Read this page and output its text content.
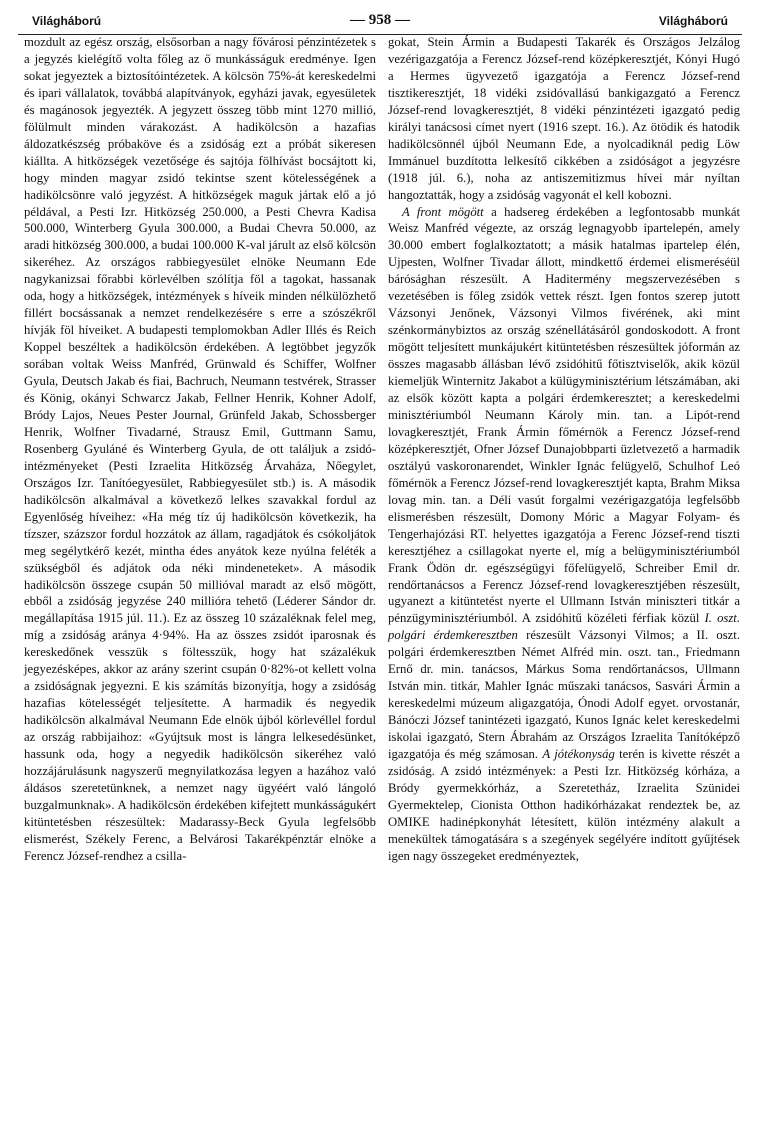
Világháború	— 958 —	Világháború

mozdult az egész ország, elsősorban a nagy fővárosi pénzintézetek s a jegyzés kielégítő volta főleg az ő munkásságuk eredménye. Igen sokat jegyeztek a biztosítóintézetek. A kölcsön 75%-át kereskedelmi és ipari vállalatok, továbbá alapítványok, egyházi javak, egyesületek és magánosok jegyezték. A jegyzett összeg több mint 1270 millió, fölülmult minden várakozást. A hadikölcsön a hazafias áldozatkészség próbaköve és a zsidóság ezt a próbát sikeresen kiállta. A hitközségek vezetősége és sajtója fölhívást bocsájtott ki, hogy minden magyar zsidó tekintse szent kötelességének a hadikölcsönre való jegyzést. A hitközségek maguk jártak elő a jó példával, a Pesti Izr. Hitközség 250.000, a Pesti Chevra Kadisa 500.000, Winterberg Gyula 300.000, a Budai Chevra 50.000, az aradi hitközség 300.000, a budai 100.000 K-val járult az első kölcsön sikeréhez. Az országos rabbiegyesület elnöke Neumann Ede nagykanizsai főrabbi körlevélben szólítja föl a tagokat, hassanak oda, hogy a hitközségek, intézmények s híveik minden nélkülözhető fillért bocsássanak a nemzet rendelkezésére s erre a szószékről hívják föl híveiket. A budapesti templomokban Adler Illés és Reich Koppel beszéltek a hadikölcsön érdekében. A legtöbbet jegyzők sorában voltak Weiss Manfréd, Grünwald és Schiffer, Wolfner Gyula, Deutsch Jakab és fiai, Bachruch, Neumann testvérek, Strasser és König, okányi Schwarcz Jakab, Fellner Henrik, Kohner Adolf, Bródy Lajos, Neues Pester Journal, Grünfeld Jakab, Schossberger Henrik, Wolfner Tivadarné, Strausz Emil, Guttmann Samu, Rosenberg Gyuláné és Winterberg Gyula, de ott találjuk a zsidó-intézményeket (Pesti Izraelita Hitközség Árvaháza, Nőegylet, Országos Izr. Tanítóegyesület, Rabbiegyesület stb.) is. A második hadikölcsön alkalmával a következő lelkes szavakkal fordul az Egyenlőség híveihez: «Ha még tíz új hadikölcsön következik, ha tízszer, százszor fordul hozzátok az állam, ragadjátok és csókoljátok meg segélytkérő kezét, mintha édes anyátok keze nyúlna feléték a szükségből és adjátok oda néki mindeneteket». A második hadikölcsön összege csupán 50 millióval maradt az első mögött, ebből a zsidóság jegyzése 240 millióra tehető (Léderer Sándor dr. megállapítása 1915 júl. 11.). Ez az összeg 10 százaléknak felel meg, míg a zsidóság aránya 4·94%. Ha az összes zsidót iparosnak és kereskedőnek vesszük s föltesszük, hogy hat százalékuk jegyezésképes, akkor az arány szerint csupán 0·82%-ot kellett volna a zsidóságnak jegyezni. E kis számítás bizonyítja, hogy a zsidóság hazafias kötelességét teljesítette. A harmadik és negyedik hadikölcsön alkalmával Neumann Ede elnök újból körlevéllel fordul az ország rabbijaihoz: «Gyújtsuk most is lángra lelkesedésünket, hassunk oda, hogy a negyedik hadikölcsön sikeréhez való hozzájárulásunk nagyszerű megnyilatkozása legyen a hazához való áldásos szeretetünknek, a nemzet nagy ügyéért való lángoló buzgalmunknak». A hadikölcsön érdekében kifejtett munkásságukért kitüntetésben részesültek: Madarassy-Beck Gyula legfelsőbb elismerést, Székely Ferenc, a Belvárosi Takarékpénztár elnöke a Ferencz József-rendhez a csilla-

gokat, Stein Ármin a Budapesti Takarék és Országos Jelzálog vezérigazgatója a Ferencz József-rend középkeresztjét, Kónyi Hugó a Hermes ügyvezető igazgatója a Ferencz József-rend tisztikeresztjét, 18 vidéki zsidóvallású bankigazgató a Ferencz József-rend lovagkeresztjét, 8 vidéki pénzintézeti igazgató pedig királyi tanácsosi címet nyert (1916 szept. 16.). Az ötödik és hatodik hadikölcsönnél újból Neumann Ede, a nyolcadiknál pedig Löw Immánuel buzdította lelkesítő cikkében a zsidóságot a jegyzésre (1918 júl. 6.), noha az antiszemitizmus hívei már nyíltan hangoztatták, hogy a zsidóság vagyonát el kell kobozni.

A front mögött a hadsereg érdekében a legfontosabb munkát Weisz Manfréd végezte, az ország legnagyobb ipartelepén, amely 30.000 embert foglalkoztatott; a másik hatalmas ipartelep élén, Ujpesten, Wolfner Tivadar állott, mindkettő érdemei elismeréséül bárósághan részesült. A Haditermény megszervezésében s vezetésében is főleg zsidók vettek részt. Igen fontos szerep jutott Vázsonyi Jenőnek, Vázsonyi Vilmos fivérének, aki mint szénkormánybiztos az ország szénellátásáról gondoskodott. A front mögött teljesített munkájukért kitüntetésben részesültek jóformán az összes magasabb állásban lévő zsidóhitű főtisztviselők, akik közül kiemeljük Winternitz Jakabot a külügyminisztérium létszámában, aki az elsők között kapta a polgári érdemkeresztet; a kereskedelmi minisztériumból Neumann Károly min. tan. a Lipót-rend lovagkeresztjét, Frank Ármin főmérnök a Ferencz József-rend középkeresztjét, Ofner József Dunajobbparti üzletvezető a harmadik osztályú vaskoronarendet, Winkler Ignác felügyelő, Schulhof Leó főmérnök a Ferencz József-rend lovagkeresztjét kapta, Brahm Miksa lovag min. tan. a Déli vasút forgalmi vezérigazgatója legfelsőbb elismerésben részesült, Domony Móric a Magyar Folyam- és Tengerhajózási RT. helyettes igazgatója a Ferenc József-rend tiszti keresztjéhez a csillagokat nyerte el, míg a belügyminisztériumból Frank Ödön dr. egészségügyi főfelügyelő, Schreiber Emil dr. rendőrtanácsos a Ferencz József-rend lovagkeresztjében részesült, ugyanezt a kitüntetést nyerte el Ullmann István miniszteri titkár a pénzügyminisztériumból. A zsidóhitű közéleti férfiak közül I. oszt. polgári érdemkeresztben részesült Vázsonyi Vilmos; a II. oszt. polgári érdemkeresztben Német Alfréd min. oszt. tan., Friedmann Ernő dr. min. tanácsos, Márkus Soma rendőrtanácsos, Ullmann István min. titkár, Mahler Ignác műszaki tanácsos, Sasvári Ármin a kereskedelmi múzeum aligazgatója, Ónodi Adolf egyet. orvostanár, Bánóczi József tanintézeti igazgató, Kunos Ignác kelet kereskedelmi iskolai igazgató, Stern Ábrahám az Országos Izraelita Tanítóképző igazgatója és még számosan. A jótékonyság terén is kivette részét a zsidóság. A zsidó intézmények: a Pesti Izr. Hitközség kórháza, a Bródy gyermekkórház, a Szeretetház, Izraelita Szünidei Gyermektelep, Cionista Otthon hadikórházakat rendeztek be, az OMIKE hadinépkonyhát létesített, külön intézmény alakult a menekültek támogatására s a szegények segélyére indított gyűjtések igen nagy összegeket eredményeztek,
